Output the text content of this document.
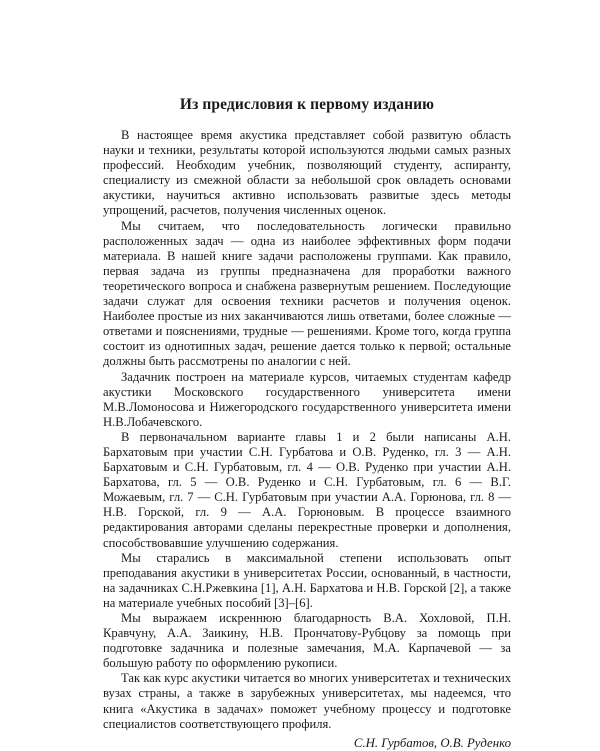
Из предисловия к первому изданию

В настоящее время акустика представляет собой развитую область науки и техники, результаты которой используются людьми самых разных профессий. Необходим учебник, позволяющий студенту, аспиранту, специалисту из смежной области за небольшой срок овладеть основами акустики, научиться активно использовать развитые здесь методы упрощений, расчетов, получения численных оценок.

Мы считаем, что последовательность логически правильно расположенных задач — одна из наиболее эффективных форм подачи материала. В нашей книге задачи расположены группами. Как правило, первая задача из группы предназначена для проработки важного теоретического вопроса и снабжена развернутым решением. Последующие задачи служат для освоения техники расчетов и получения оценок. Наиболее простые из них заканчиваются лишь ответами, более сложные — ответами и пояснениями, трудные — решениями. Кроме того, когда группа состоит из однотипных задач, решение дается только к первой; остальные должны быть рассмотрены по аналогии с ней.

Задачник построен на материале курсов, читаемых студентам кафедр акустики Московского государственного университета имени М.В.Ломоносова и Нижегородского государственного университета имени Н.В.Лобачевского.

В первоначальном варианте главы 1 и 2 были написаны А.Н. Бархатовым при участии С.Н. Гурбатова и О.В. Руденко, гл. 3 — А.Н. Бархатовым и С.Н. Гурбатовым, гл. 4 — О.В. Руденко при участии А.Н. Бархатова, гл. 5 — О.В. Руденко и С.Н. Гурбатовым, гл. 6 — В.Г. Можаевым, гл. 7 — С.Н. Гурбатовым при участии А.А. Горюнова, гл. 8 — Н.В. Горской, гл. 9 — А.А. Горюновым. В процессе взаимного редактирования авторами сделаны перекрестные проверки и дополнения, способствовавшие улучшению содержания.

Мы старались в максимальной степени использовать опыт преподавания акустики в университетах России, основанный, в частности, на задачниках С.Н.Ржевкина [1], А.Н. Бархатова и Н.В. Горской [2], а также на материале учебных пособий [3]–[6].

Мы выражаем искреннюю благодарность В.А. Хохловой, П.Н. Кравчуну, А.А. Заикину, Н.В. Прончатову-Рубцову за помощь при подготовке задачника и полезные замечания, М.А. Карпачевой — за большую работу по оформлению рукописи.

Так как курс акустики читается во многих университетах и технических вузах страны, а также в зарубежных университетах, мы надеемся, что книга «Акустика в задачах» поможет учебному процессу и подготовке специалистов соответствующего профиля.

С.Н. Гурбатов, О.В. Руденко
